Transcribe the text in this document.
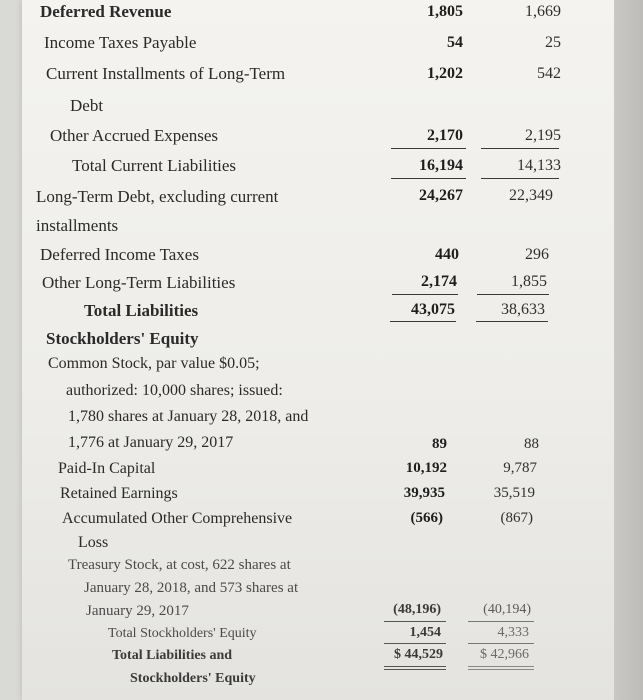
Deferred Revenue	1,805	1,669
Income Taxes Payable	54	25
Current Installments of Long-Term
Debt
1,202	542
Other Accrued Expenses	2,170	2,195
Total Current Liabilities	16,194	14,133
Long-Term Debt, excluding current
installments
24,267	22,349
Deferred Income Taxes	440	296
Other Long-Term Liabilities	2,174	1,855
Total Liabilities	43,075	38,633
Stockholders' Equity
Common Stock, par value $0.05;
authorized: 10,000 shares; issued:
1,780 shares at January 28, 2018, and
1,776 at January 29, 2017	89	88
Paid-In Capital	10,192	9,787
Retained Earnings	39,935	35,519
Accumulated Other Comprehensive
Loss
(566)	(867)
Treasury Stock, at cost, 622 shares at
January 28, 2018, and 573 shares at
January 29, 2017	(48,196)	(40,194)
Total Stockholders' Equity	1,454	4,333
Total Liabilities and
Stockholders' Equity
$ 44,529	$ 42,966
